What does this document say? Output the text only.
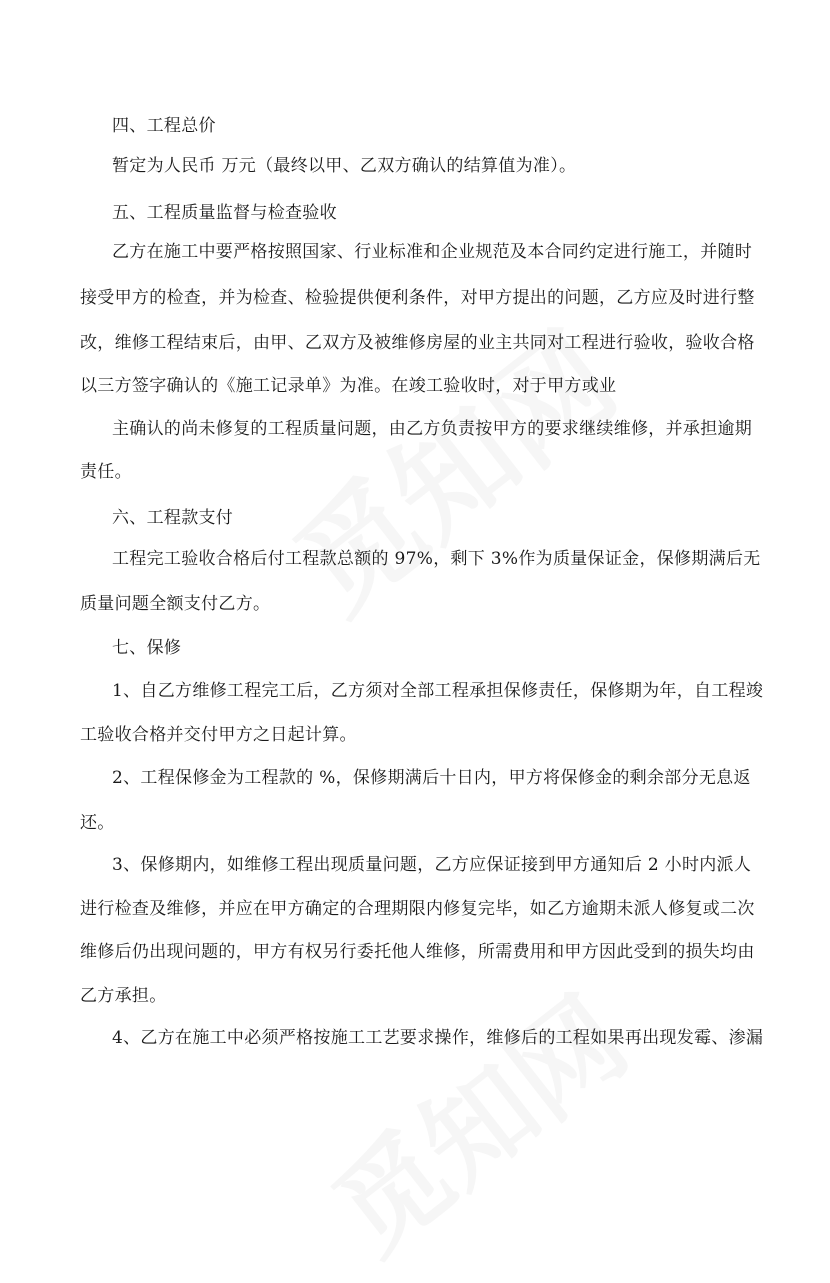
四、工程总价
暂定为人民币 万元（最终以甲、乙双方确认的结算值为准）。
五、工程质量监督与检查验收
乙方在施工中要严格按照国家、行业标准和企业规范及本合同约定进行施工，并随时
接受甲方的检查，并为检查、检验提供便利条件，对甲方提出的问题，乙方应及时进行整
改，维修工程结束后，由甲、乙双方及被维修房屋的业主共同对工程进行验收，验收合格
以三方签字确认的《施工记录单》为准。在竣工验收时，对于甲方或业
主确认的尚未修复的工程质量问题，由乙方负责按甲方的要求继续维修，并承担逾期
责任。
六、工程款支付
工程完工验收合格后付工程款总额的 97%，剩下 3%作为质量保证金，保修期满后无
质量问题全额支付乙方。
七、保修
1、自乙方维修工程完工后，乙方须对全部工程承担保修责任，保修期为年，自工程竣
工验收合格并交付甲方之日起计算。
2、工程保修金为工程款的 %，保修期满后十日内，甲方将保修金的剩余部分无息返
还。
3、保修期内，如维修工程出现质量问题，乙方应保证接到甲方通知后 2 小时内派人
进行检查及维修，并应在甲方确定的合理期限内修复完毕，如乙方逾期未派人修复或二次
维修后仍出现问题的，甲方有权另行委托他人维修，所需费用和甲方因此受到的损失均由
乙方承担。
4、乙方在施工中必须严格按施工工艺要求操作，维修后的工程如果再出现发霉、渗漏
